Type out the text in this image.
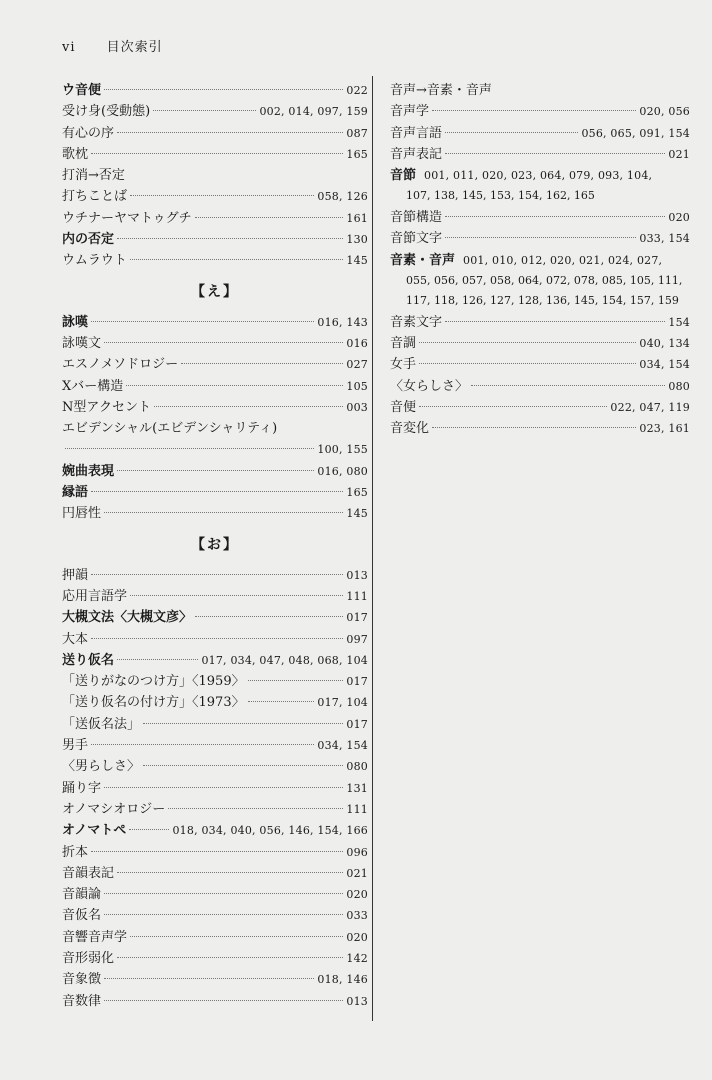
vi 目次索引
ウ音便	022
受け身(受動態)	002, 014, 097, 159
有心の序	087
歌枕	165
打消→否定
打ちことば	058, 126
ウチナーヤマトゥグチ	161
内の否定	130
ウムラウト	145
【え】
詠嘆	016, 143
詠嘆文	016
エスノメソドロジー	027
Xバー構造	105
N型アクセント	003
エビデンシャル(エビデンシャリティ)
100, 155
婉曲表現	016, 080
縁語	165
円唇性	145
【お】
押韻	013
応用言語学	111
大槻文法〈大槻文彦〉	017
大本	097
送り仮名	017, 034, 047, 048, 068, 104
「送りがなのつけ方」〈1959〉	017
「送り仮名の付け方」〈1973〉	017, 104
「送仮名法」	017
男手	034, 154
〈男らしさ〉	080
踊り字	131
オノマシオロジー	111
オノマトペ	018, 034, 040, 056, 146, 154, 166
折本	096
音韻表記	021
音韻論	020
音仮名	033
音響音声学	020
音形弱化	142
音象徴	018, 146
音数律	013
音声→音素・音声
音声学	020, 056
音声言語	056, 065, 091, 154
音声表記	021
音節 001, 011, 020, 023, 064, 079, 093, 104,
107, 138, 145, 153, 154, 162, 165
音節構造	020
音節文字	033, 154
音素・音声 001, 010, 012, 020, 021, 024, 027,
055, 056, 057, 058, 064, 072, 078, 085, 105, 111,
117, 118, 126, 127, 128, 136, 145, 154, 157, 159
音素文字	154
音調	040, 134
女手	034, 154
〈女らしさ〉	080
音便	022, 047, 119
音変化	023, 161
